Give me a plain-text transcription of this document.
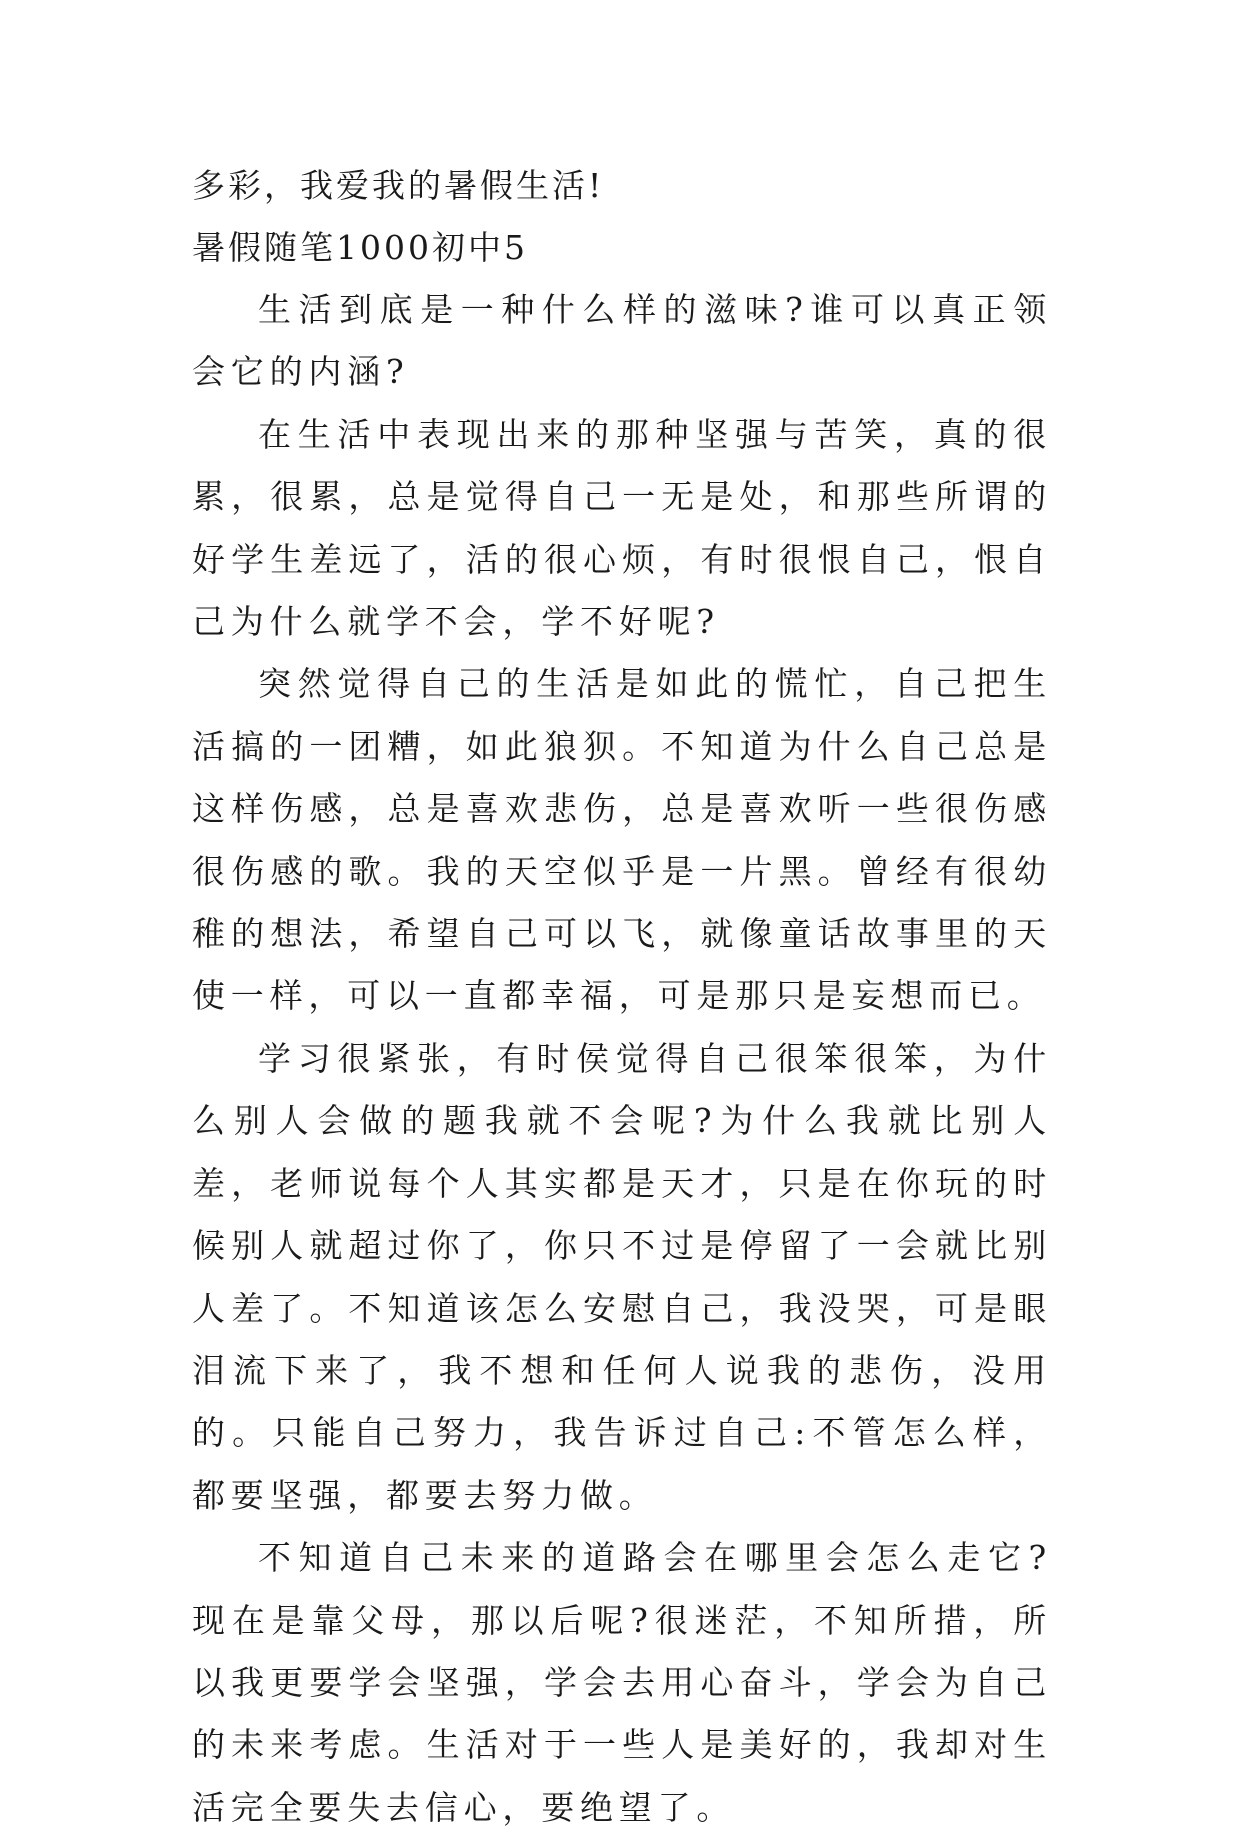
多彩，我爱我的暑假生活!
暑假随笔1000初中5

生活到底是一种什么样的滋味?谁可以真正领会它的内涵?

在生活中表现出来的那种坚强与苦笑，真的很累，很累，总是觉得自己一无是处，和那些所谓的好学生差远了，活的很心烦，有时很恨自己，恨自己为什么就学不会，学不好呢?

突然觉得自己的生活是如此的慌忙，自己把生活搞的一团糟，如此狼狈。不知道为什么自己总是这样伤感，总是喜欢悲伤，总是喜欢听一些很伤感很伤感的歌。我的天空似乎是一片黑。曾经有很幼稚的想法，希望自己可以飞，就像童话故事里的天使一样，可以一直都幸福，可是那只是妄想而已。

学习很紧张，有时侯觉得自己很笨很笨，为什么别人会做的题我就不会呢?为什么我就比别人差，老师说每个人其实都是天才，只是在你玩的时候别人就超过你了，你只不过是停留了一会就比别人差了。不知道该怎么安慰自己，我没哭，可是眼泪流下来了，我不想和任何人说我的悲伤，没用的。只能自己努力，我告诉过自己:不管怎么样，都要坚强，都要去努力做。

不知道自己未来的道路会在哪里会怎么走它?现在是靠父母，那以后呢?很迷茫，不知所措，所以我更要学会坚强，学会去用心奋斗，学会为自己的未来考虑。生活对于一些人是美好的，我却对生活完全要失去信心，要绝望了。
